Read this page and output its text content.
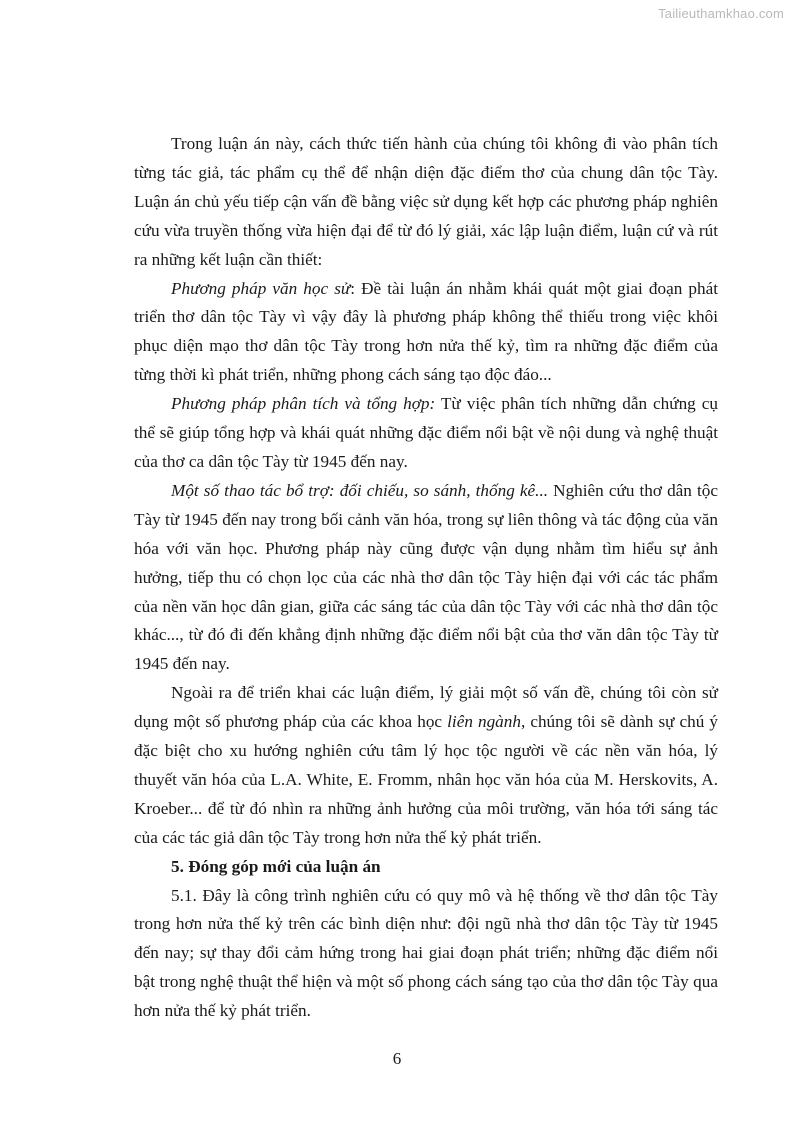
Tailieuthamkhao.com

Trong luận án này, cách thức tiến hành của chúng tôi không đi vào phân tích từng tác giả, tác phẩm cụ thể để nhận diện đặc điểm thơ của chung dân tộc Tày. Luận án chủ yếu tiếp cận vấn đề bằng việc sử dụng kết hợp các phương pháp nghiên cứu vừa truyền thống vừa hiện đại để từ đó lý giải, xác lập luận điểm, luận cứ và rút ra những kết luận cần thiết:

Phương pháp văn học sử: Đề tài luận án nhằm khái quát một giai đoạn phát triển thơ dân tộc Tày vì vậy đây là phương pháp không thể thiếu trong việc khôi phục diện mạo thơ dân tộc Tày trong hơn nửa thế kỷ, tìm ra những đặc điểm của từng thời kì phát triển, những phong cách sáng tạo độc đáo...

Phương pháp phân tích và tổng hợp: Từ việc phân tích những dẫn chứng cụ thể sẽ giúp tổng hợp và khái quát những đặc điểm nổi bật về nội dung và nghệ thuật của thơ ca dân tộc Tày từ 1945 đến nay.

Một số thao tác bổ trợ: đối chiếu, so sánh, thống kê... Nghiên cứu thơ dân tộc Tày từ 1945 đến nay trong bối cảnh văn hóa, trong sự liên thông và tác động của văn hóa với văn học. Phương pháp này cũng được vận dụng nhằm tìm hiểu sự ảnh hưởng, tiếp thu có chọn lọc của các nhà thơ dân tộc Tày hiện đại với các tác phẩm của nền văn học dân gian, giữa các sáng tác của dân tộc Tày với các nhà thơ dân tộc khác..., từ đó đi đến khẳng định những đặc điểm nổi bật của thơ văn dân tộc Tày từ 1945 đến nay.

Ngoài ra để triển khai các luận điểm, lý giải một số vấn đề, chúng tôi còn sử dụng một số phương pháp của các khoa học liên ngành, chúng tôi sẽ dành sự chú ý đặc biệt cho xu hướng nghiên cứu tâm lý học tộc người về các nền văn hóa, lý thuyết văn hóa của L.A. White, E. Fromm, nhân học văn hóa của M. Herskovits, A. Kroeber... để từ đó nhìn ra những ảnh hưởng của môi trường, văn hóa tới sáng tác của các tác giả dân tộc Tày trong hơn nửa thế kỷ phát triển.

5. Đóng góp mới của luận án

5.1. Đây là công trình nghiên cứu có quy mô và hệ thống về thơ dân tộc Tày trong hơn nửa thế kỷ trên các bình diện như: đội ngũ nhà thơ dân tộc Tày từ 1945 đến nay; sự thay đổi cảm hứng trong hai giai đoạn phát triển; những đặc điểm nổi bật trong nghệ thuật thể hiện và một số phong cách sáng tạo của thơ dân tộc Tày qua hơn nửa thế kỷ phát triển.

6
